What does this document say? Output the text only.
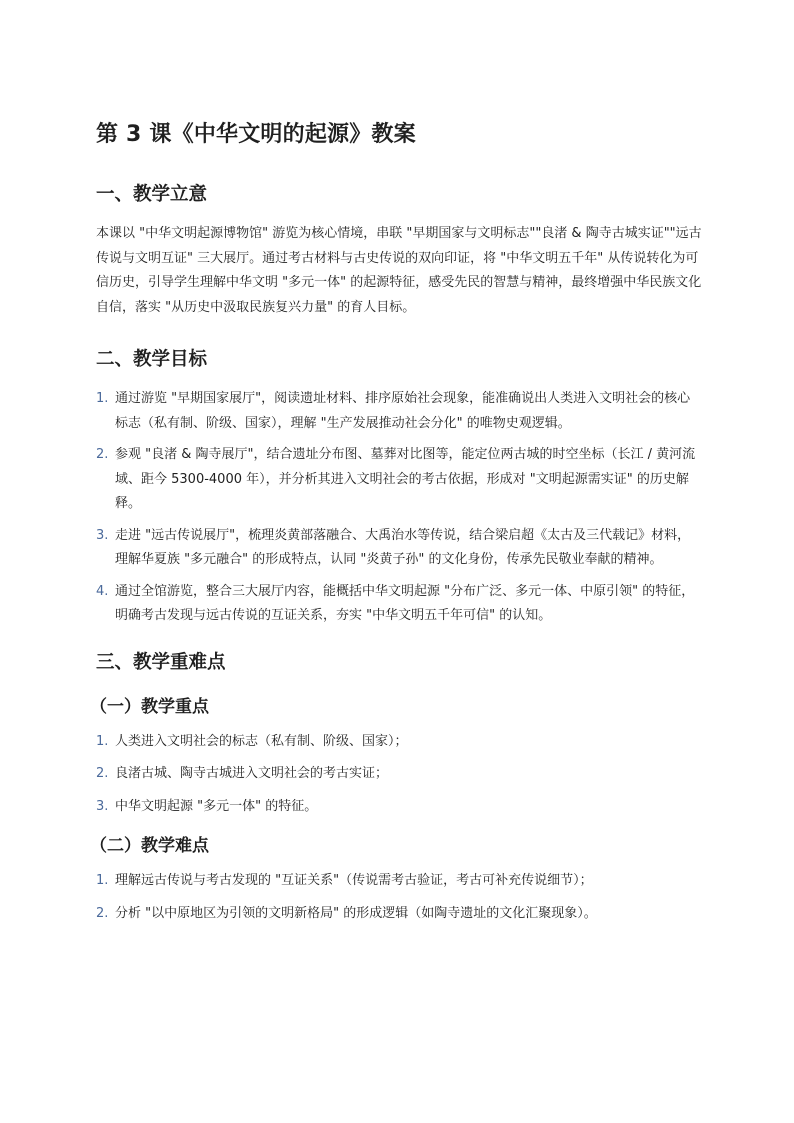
第 3 课《中华文明的起源》教案
一、教学立意

本课以 "中华文明起源博物馆" 游览为核心情境，串联 "早期国家与文明标志""良渚 & 陶寺古城实证""远古传说与文明互证" 三大展厅。通过考古材料与古史传说的双向印证，将 "中华文明五千年" 从传说转化为可信历史，引导学生理解中华文明 "多元一体" 的起源特征，感受先民的智慧与精神，最终增强中华民族文化自信，落实 "从历史中汲取民族复兴力量" 的育人目标。

二、教学目标
1. 通过游览 "早期国家展厅"，阅读遗址材料、排序原始社会现象，能准确说出人类进入文明社会的核心标志（私有制、阶级、国家），理解 "生产发展推动社会分化" 的唯物史观逻辑。
2. 参观 "良渚 & 陶寺展厅"，结合遗址分布图、墓葬对比图等，能定位两古城的时空坐标（长江 / 黄河流域、距今 5300-4000 年），并分析其进入文明社会的考古依据，形成对 "文明起源需实证" 的历史解释。
3. 走进 "远古传说展厅"，梳理炎黄部落融合、大禹治水等传说，结合梁启超《太古及三代载记》材料，理解华夏族 "多元融合" 的形成特点，认同 "炎黄子孙" 的文化身份，传承先民敬业奉献的精神。
4. 通过全馆游览，整合三大展厅内容，能概括中华文明起源 "分布广泛、多元一体、中原引领" 的特征，明确考古发现与远古传说的互证关系，夯实 "中华文明五千年可信" 的认知。
三、教学重难点
（一）教学重点
1. 人类进入文明社会的标志（私有制、阶级、国家）；
2. 良渚古城、陶寺古城进入文明社会的考古实证；
3. 中华文明起源 "多元一体" 的特征。
（二）教学难点
1. 理解远古传说与考古发现的 "互证关系"（传说需考古验证，考古可补充传说细节）；
2. 分析 "以中原地区为引领的文明新格局" 的形成逻辑（如陶寺遗址的文化汇聚现象）。
